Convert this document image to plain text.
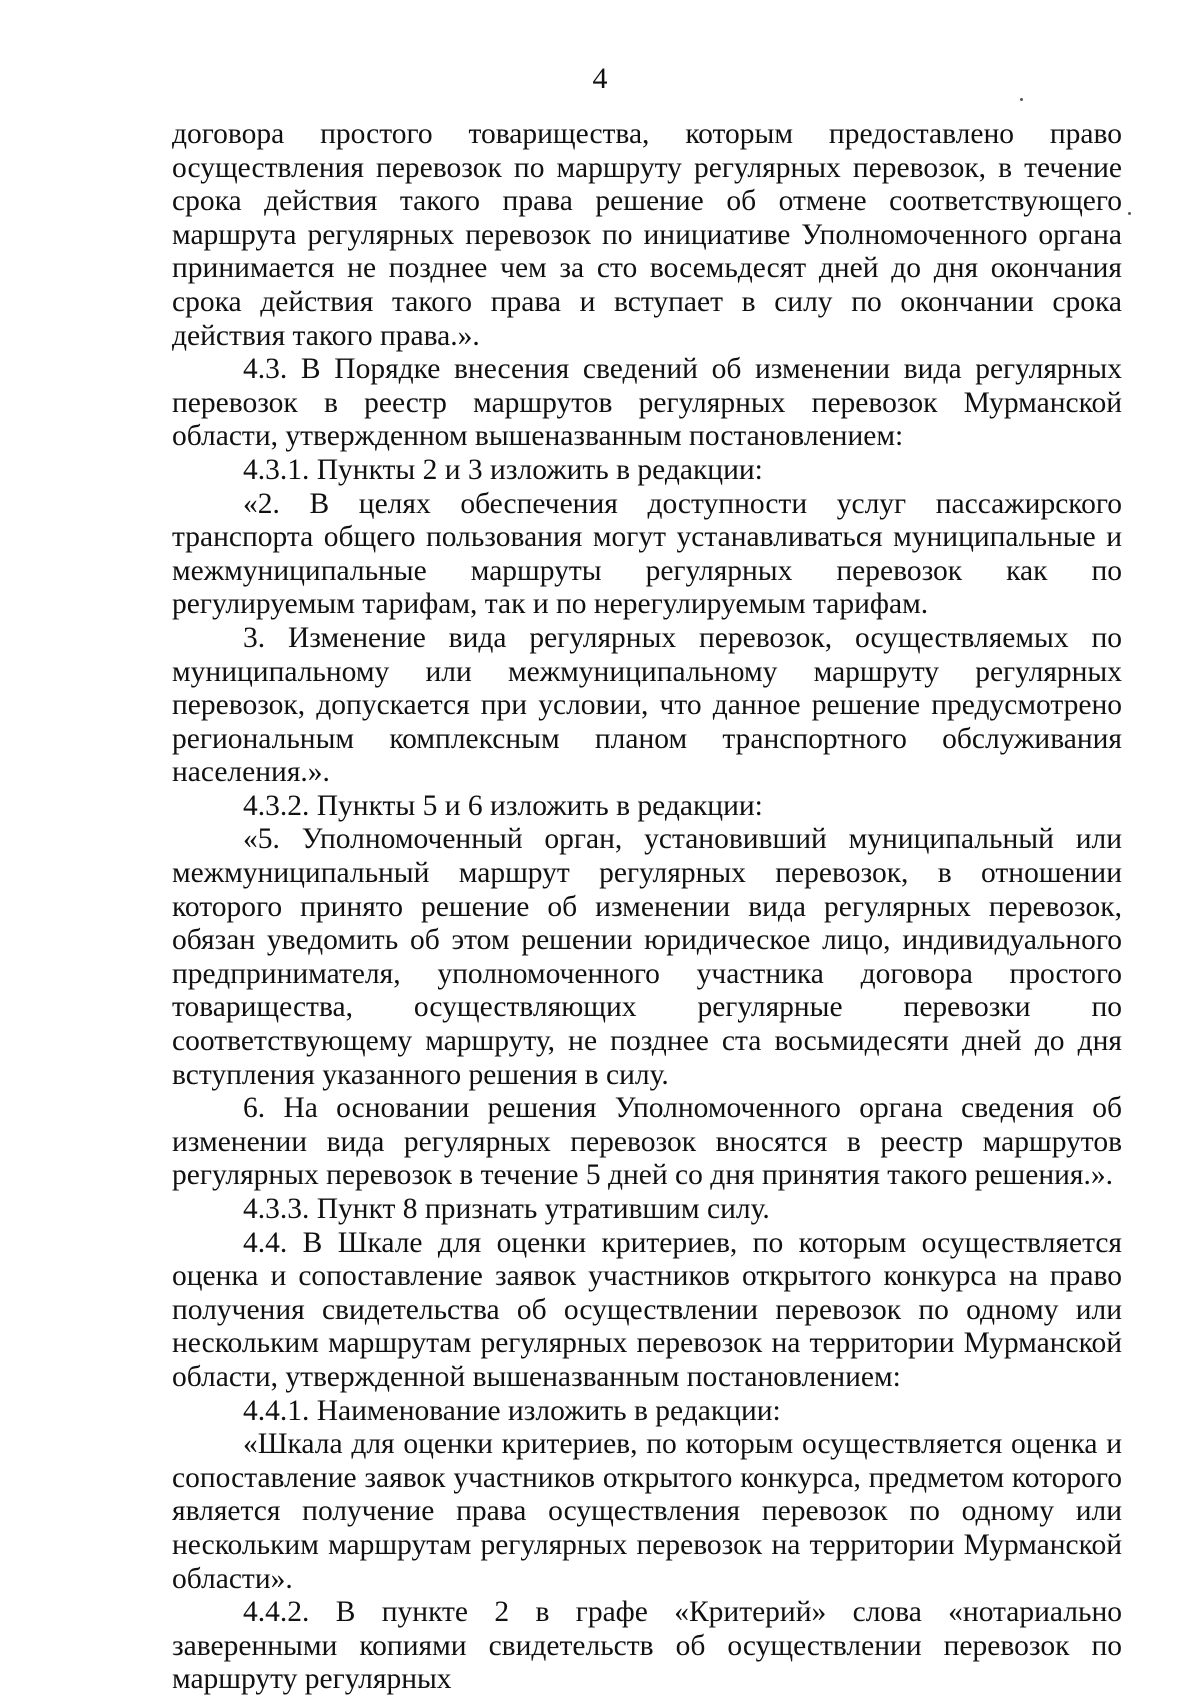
4

договора простого товарищества, которым предоставлено право осуществления перевозок по маршруту регулярных перевозок, в течение срока действия такого права решение об отмене соответствующего маршрута регулярных перевозок по инициативе Уполномоченного органа принимается не позднее чем за сто восемьдесят дней до дня окончания срока действия такого права и вступает в силу по окончании срока действия такого права.».

4.3. В Порядке внесения сведений об изменении вида регулярных перевозок в реестр маршрутов регулярных перевозок Мурманской области, утвержденном вышеназванным постановлением:

4.3.1. Пункты 2 и 3 изложить в редакции:

«2. В целях обеспечения доступности услуг пассажирского транспорта общего пользования могут устанавливаться муниципальные и межмуниципальные маршруты регулярных перевозок как по регулируемым тарифам, так и по нерегулируемым тарифам.

3. Изменение вида регулярных перевозок, осуществляемых по муниципальному или межмуниципальному маршруту регулярных перевозок, допускается при условии, что данное решение предусмотрено региональным комплексным планом транспортного обслуживания населения.».

4.3.2. Пункты 5 и 6 изложить в редакции:

«5. Уполномоченный орган, установивший муниципальный или межмуниципальный маршрут регулярных перевозок, в отношении которого принято решение об изменении вида регулярных перевозок, обязан уведомить об этом решении юридическое лицо, индивидуального предпринимателя, уполномоченного участника договора простого товарищества, осуществляющих регулярные перевозки по соответствующему маршруту, не позднее ста восьмидесяти дней до дня вступления указанного решения в силу.

6. На основании решения Уполномоченного органа сведения об изменении вида регулярных перевозок вносятся в реестр маршрутов регулярных перевозок в течение 5 дней со дня принятия такого решения.».

4.3.3. Пункт 8 признать утратившим силу.

4.4. В Шкале для оценки критериев, по которым осуществляется оценка и сопоставление заявок участников открытого конкурса на право получения свидетельства об осуществлении перевозок по одному или нескольким маршрутам регулярных перевозок на территории Мурманской области, утвержденной вышеназванным постановлением:

4.4.1. Наименование изложить в редакции:

«Шкала для оценки критериев, по которым осуществляется оценка и сопоставление заявок участников открытого конкурса, предметом которого является получение права осуществления перевозок по одному или нескольким маршрутам регулярных перевозок на территории Мурманской области».

4.4.2. В пункте 2 в графе «Критерий» слова «нотариально заверенными копиями свидетельств об осуществлении перевозок по маршруту регулярных
